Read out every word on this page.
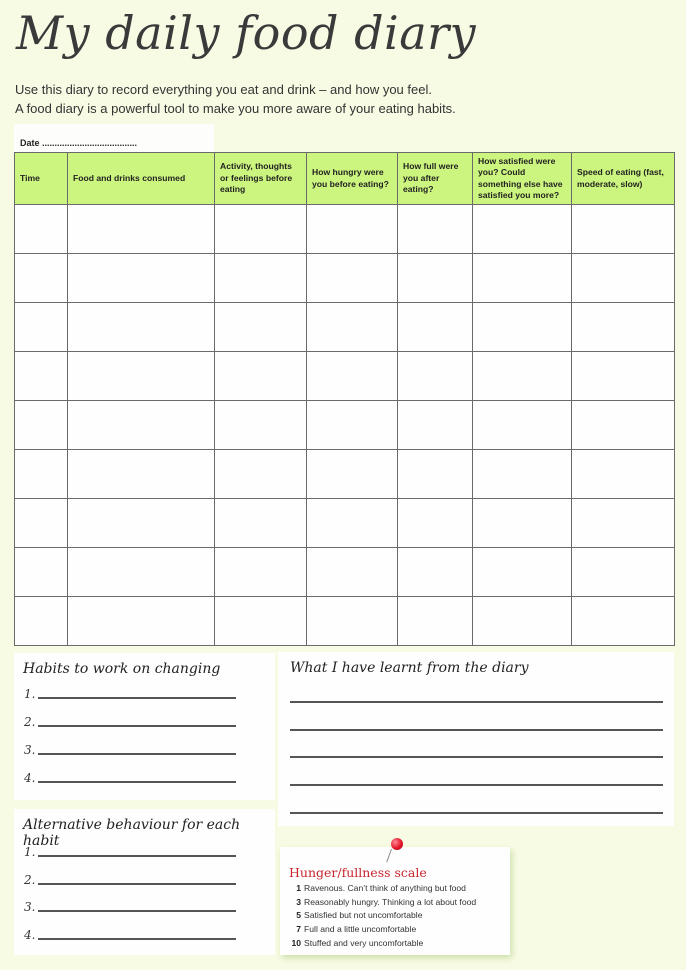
My daily food diary
Use this diary to record everything you eat and drink – and how you feel.
A food diary is a powerful tool to make you more aware of your eating habits.
Date ......................................
Time	Food and drinks consumed	Activity, thoughts or feelings before eating	How hungry were you before eating?	How full were you after eating?	How satisfied were you? Could something else have satisfied you more?	Speed of eating (fast, moderate, slow)

Habits to work on changing
1.
2.
3.
4.
Alternative behaviour for each habit
1.
2.
3.
4.
What I have learnt from the diary
Hunger/fullness scale
1 Ravenous. Can’t think of anything but food
3 Reasonably hungry. Thinking a lot about food
5 Satisfied but not uncomfortable
7 Full and a little uncomfortable
10 Stuffed and very uncomfortable
